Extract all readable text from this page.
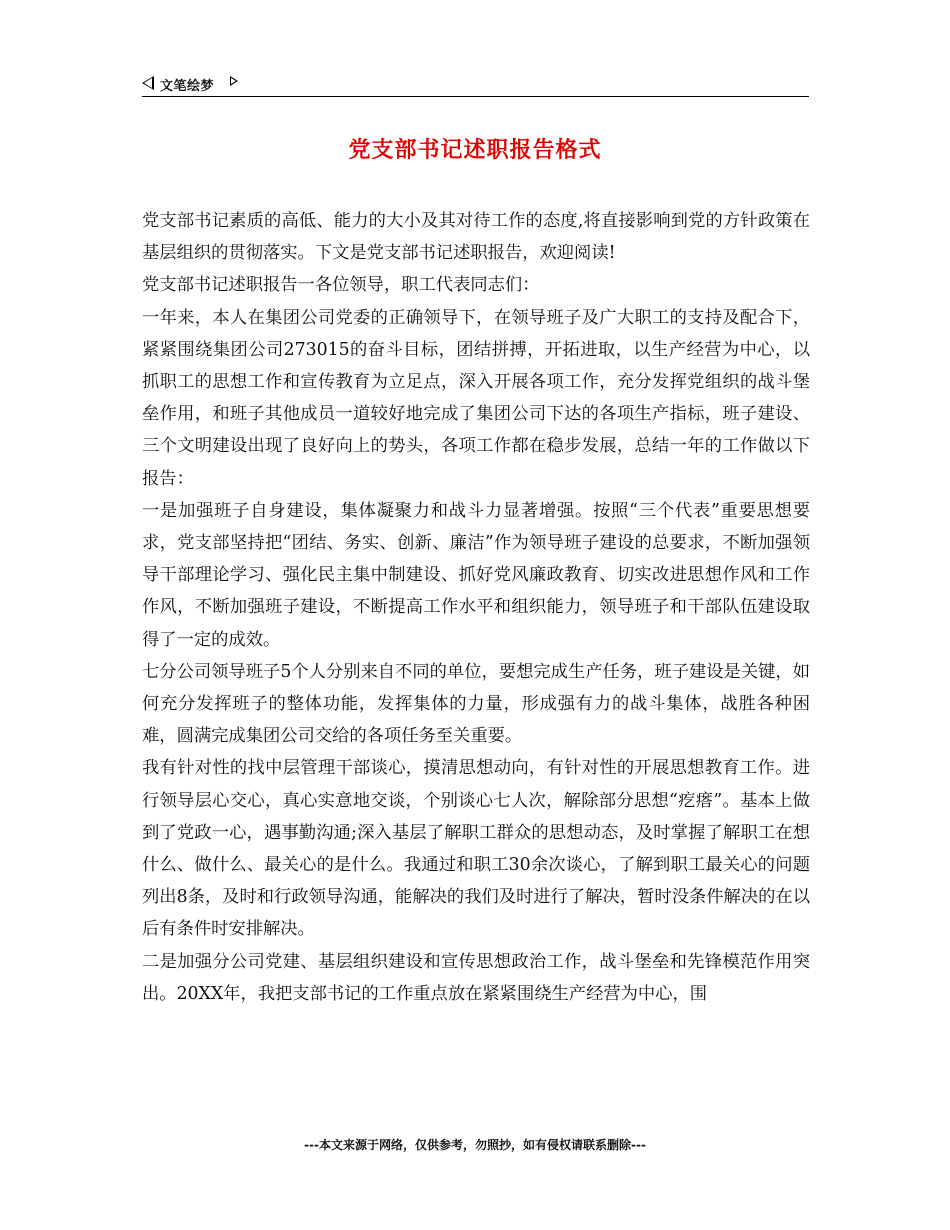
文笔绘梦
党支部书记述职报告格式

党支部书记素质的高低、能力的大小及其对待工作的态度,将直接影响到党的方针政策在基层组织的贯彻落实。下文是党支部书记述职报告，欢迎阅读!

党支部书记述职报告一各位领导，职工代表同志们：

一年来，本人在集团公司党委的正确领导下，在领导班子及广大职工的支持及配合下，紧紧围绕集团公司273015的奋斗目标，团结拼搏，开拓进取，以生产经营为中心，以抓职工的思想工作和宣传教育为立足点，深入开展各项工作，充分发挥党组织的战斗堡垒作用，和班子其他成员一道较好地完成了集团公司下达的各项生产指标，班子建设、三个文明建设出现了良好向上的势头，各项工作都在稳步发展，总结一年的工作做以下报告：

一是加强班子自身建设，集体凝聚力和战斗力显著增强。按照“三个代表”重要思想要求，党支部坚持把“团结、务实、创新、廉洁”作为领导班子建设的总要求，不断加强领导干部理论学习、强化民主集中制建设、抓好党风廉政教育、切实改进思想作风和工作作风，不断加强班子建设，不断提高工作水平和组织能力，领导班子和干部队伍建设取得了一定的成效。

七分公司领导班子5个人分别来自不同的单位，要想完成生产任务，班子建设是关键，如何充分发挥班子的整体功能，发挥集体的力量，形成强有力的战斗集体，战胜各种困难，圆满完成集团公司交给的各项任务至关重要。

我有针对性的找中层管理干部谈心，摸清思想动向，有针对性的开展思想教育工作。进行领导层心交心，真心实意地交谈，个别谈心七人次，解除部分思想“疙瘩”。基本上做到了党政一心，遇事勤沟通;深入基层了解职工群众的思想动态，及时掌握了解职工在想什么、做什么、最关心的是什么。我通过和职工30余次谈心，了解到职工最关心的问题列出8条，及时和行政领导沟通，能解决的我们及时进行了解决，暂时没条件解决的在以后有条件时安排解决。

二是加强分公司党建、基层组织建设和宣传思想政治工作，战斗堡垒和先锋模范作用突出。20XX年，我把支部书记的工作重点放在紧紧围绕生产经营为中心，围

---本文来源于网络，仅供参考，勿照抄，如有侵权请联系删除---
